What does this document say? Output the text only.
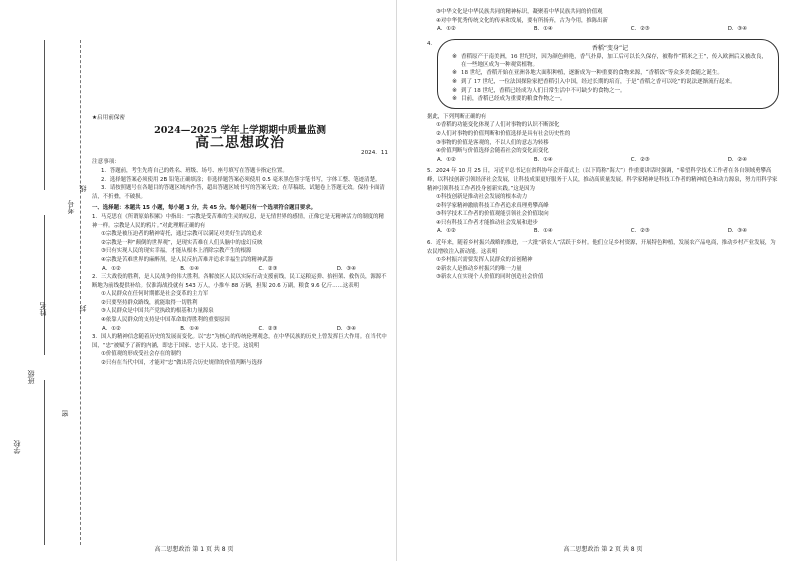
线
考号
封
姓名
班级
密
学校
★启用前保密
2024—2025 学年上学期期中质量监测
高二思想政治
2024．11
注意事项：

1．答题前，考生先将自己的姓名、班级、场号、座号填写在答题卡指定位置。

2．选择题答案必须使用 2B 铅笔正确填涂；非选择题答案必须使用 0.5 毫米黑色签字笔书写，字体工整、笔迹清楚。

3．请按照题号在各题目的答题区域内作答，超出答题区域书写的答案无效；在草稿纸、试题卷上答题无效。保持卡面清洁，不折叠，不破损。

一、选择题：本题共 15 小题，每小题 3 分，共 45 分。每小题只有一个选项符合题目要求。

1．马克思在《所谓原始积累》中指出：“宗教是受苦难的生灵的叹息，是无情世界的感情，正像它是无精神活力的制度的精神一样。宗教是人民的鸦片。”对此理解正确的有

①宗教是被压迫者的精神寄托，通过宗教可以满足对美好生活的追求

②宗教是一种“颠倒的世界观”，是现实苦难在人们头脑中的虚幻反映

③只有实现人民的现实幸福，才能从根本上消除宗教产生的根源

④宗教是苦难世界的麻醉剂，是人民反抗苦难并追求幸福生活的精神武器

A．①②	B．①④	C．②③	D．③④

2．三大战役的胜利，是人民战争的伟大胜利。各解放区人民以实际行动支援前线，民工运粮运弹、抬担架、救伤员，源源不断地为前线提供补给。仅淮海战役就有 543 万人，小推车 88 万辆，担架 20.6 万副，粮食 9.6 亿斤……这表明

①人民群众在任何时期都是社会变革的主力军

②只要坚持群众路线，就能取得一切胜利

③人民群众是中国共产党执政的根基和力量源泉

④依靠人民群众的支持是中国革命取得胜利的重要原因

A．①②	B．①④	C．②③	D．③④

3．国人的精神信念随着历史的发展而变化。以“忠”为核心的传统伦理观念，在中华民族的历史上曾发挥巨大作用。在当代中国，“忠”被赋予了新的内涵，即忠于国家、忠于人民、忠于党。这说明

①价值观的形成受社会存在的制约

②只有在当代中国，才能对“忠”做出符合历史规律的价值判断与选择

高二思想政治 第 1 页 共 8 页

③中华文化是中华民族共同的精神标识，凝聚着中华民族共同的价值观

④对中华优秀传统文化的传承和发展，要有所扬弃，古为今用，推陈出新

A．①②	B．①④	C．②③	D．③④
4．
香稻“变身”记
※ 香稻原产于南美洲，16 世纪时，因为颜色鲜艳，香气扑鼻，加工后可以长久保存，被称作“稻米之王”，传入欧洲后又被改良，在一些地区成为一种观赏植物。
※ 18 世纪，香稻开始在亚洲各地大面积种植，逐渐成为一种重要的食物来源，“香稻饭”等众多美食随之诞生。
※ 到了 17 世纪，一位法国探险家把香稻引入中国，经过长期的培育，于是“香稻之香可以吃”的说法逐渐流行起来。
※ 到了 18 世纪，香稻已经成为人们日常生活中不可缺少的食物之一。
※ 目前，香稻已经成为重要的粮食作物之一。

据此，下列判断正确的有

①香稻的功能变化体现了人们对事物的认识不断深化

②人们对事物的价值判断和价值选择是具有社会历史性的

③事物的价值是客观的，不以人们的意志为转移

④价值判断与价值选择会随着社会的变化而变化

A．①②	B．①④	C．②③	D．②④

5．2024 年 10 月 25 日，习近平总书记在省科协年会开幕式上（以下简称“海大”）作重要讲话时强调，“希望科学技术工作者在各自领域勇攀高峰，以科技创新引领经济社会发展，让科技成果更好服务于人民，推动高质量发展。科学家精神是科技工作者的精神底色和动力源泉，努力用科学家精神引领科技工作者投身创新实践。”这是因为

①科技创新是推动社会发展的根本动力

②科学家精神激励科技工作者追求真理勇攀高峰

③科学技术工作者的价值观能引领社会价值取向

④只有科技工作者才能推动社会发展和进步

A．①②	B．①④	C．②③	D．③④

6．近年来，随着乡村振兴战略的推进，一大批“新农人”活跃于乡村。他们立足乡村资源，开展特色种植，发展农产品电商，推动乡村产业发展，为农民增收注入新动能。这表明

①乡村振兴需要发挥人民群众的首创精神

②新农人是推动乡村振兴的唯一力量

③新农人在实现个人价值的同时创造社会价值

高二思想政治 第 2 页 共 8 页
